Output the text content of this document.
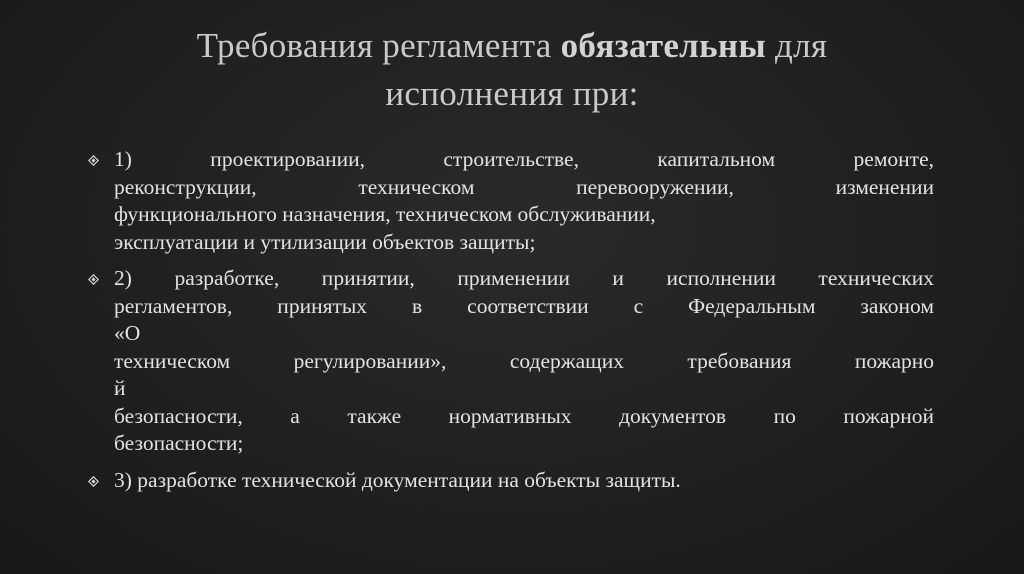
Требования регламента обязательны для
исполнения при:
1) проектировании, строительстве, капитальном ремонте,
реконструкции, техническом перевооружении, изменении
функционального назначения, техническом обслуживании,
эксплуатации и утилизации объектов защиты;
2) разработке, принятии, применении и исполнении технических
регламентов, принятых в соответствии с Федеральным законом
«О
техническом регулировании», содержащих требования пожарно
й
безопасности, а также нормативных документов по пожарной
безопасности;
3) разработке технической документации на объекты защиты.
